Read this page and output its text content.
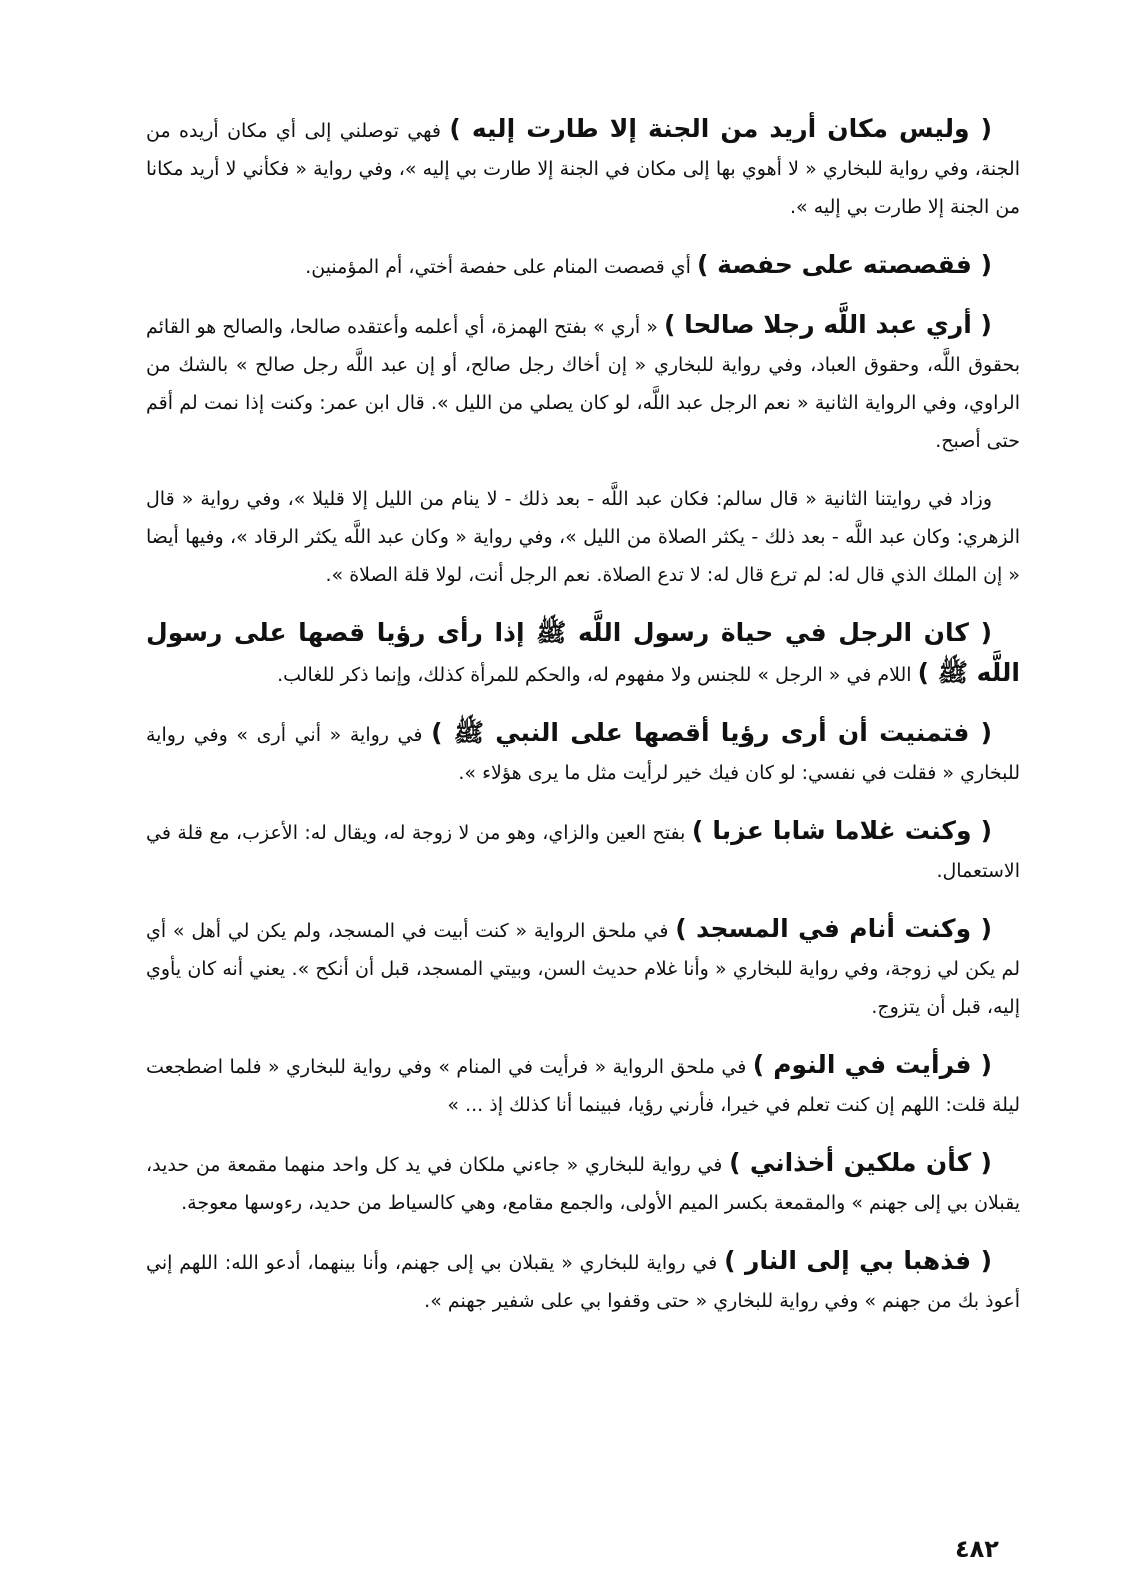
( وليس مكان أريد من الجنة إلا طارت إليه ) فهي توصلني إلى أي مكان أريده من الجنة، وفي رواية للبخاري « لا أهوي بها إلى مكان في الجنة إلا طارت بي إليه »، وفي رواية « فكأني لا أريد مكانا من الجنة إلا طارت بي إليه ».

( فقصصته على حفصة ) أي قصصت المنام على حفصة أختي، أم المؤمنين.

( أري عبد اللَّه رجلا صالحا ) « أري » بفتح الهمزة، أي أعلمه وأعتقده صالحا، والصالح هو القائم بحقوق اللَّه، وحقوق العباد، وفي رواية للبخاري « إن أخاك رجل صالح، أو إن عبد اللَّه رجل صالح » بالشك من الراوي، وفي الرواية الثانية « نعم الرجل عبد اللَّه، لو كان يصلي من الليل ». قال ابن عمر: وكنت إذا نمت لم أقم حتى أصبح.

وزاد في روايتنا الثانية « قال سالم: فكان عبد اللَّه - بعد ذلك - لا ينام من الليل إلا قليلا »، وفي رواية « قال الزهري: وكان عبد اللَّه - بعد ذلك - يكثر الصلاة من الليل »، وفي رواية « وكان عبد اللَّه يكثر الرقاد »، وفيها أيضا « إن الملك الذي قال له: لم ترع قال له: لا تدع الصلاة. نعم الرجل أنت، لولا قلة الصلاة ».

( كان الرجل في حياة رسول اللَّه ﷺ إذا رأى رؤيا قصها على رسول اللَّه ﷺ ) اللام في « الرجل » للجنس ولا مفهوم له، والحكم للمرأة كذلك، وإنما ذكر للغالب.

( فتمنيت أن أرى رؤيا أقصها على النبي ﷺ ) في رواية « أني أرى » وفي رواية للبخاري « فقلت في نفسي: لو كان فيك خير لرأيت مثل ما يرى هؤلاء ».

( وكنت غلاما شابا عزبا ) بفتح العين والزاي، وهو من لا زوجة له، ويقال له: الأعزب، مع قلة في الاستعمال.

( وكنت أنام في المسجد ) في ملحق الرواية « كنت أبيت في المسجد، ولم يكن لي أهل » أي لم يكن لي زوجة، وفي رواية للبخاري « وأنا غلام حديث السن، وبيتي المسجد، قبل أن أنكح ». يعني أنه كان يأوي إليه، قبل أن يتزوج.

( فرأيت في النوم ) في ملحق الرواية « فرأيت في المنام » وفي رواية للبخاري « فلما اضطجعت ليلة قلت: اللهم إن كنت تعلم في خيرا، فأرني رؤيا، فبينما أنا كذلك إذ ... »

( كأن ملكين أخذاني ) في رواية للبخاري « جاءني ملكان في يد كل واحد منهما مقمعة من حديد، يقبلان بي إلى جهنم » والمقمعة بكسر الميم الأولى، والجمع مقامع، وهي كالسياط من حديد، رءوسها معوجة.

( فذهبا بي إلى النار ) في رواية للبخاري « يقبلان بي إلى جهنم، وأنا بينهما، أدعو الله: اللهم إني أعوذ بك من جهنم » وفي رواية للبخاري « حتى وقفوا بي على شفير جهنم ».

٤٨٢
